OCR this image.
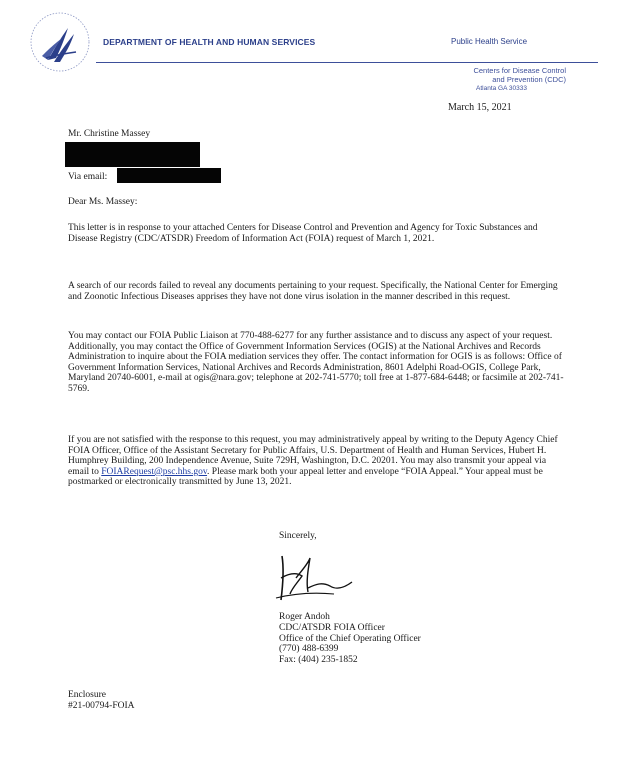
DEPARTMENT OF HEALTH AND HUMAN SERVICES	Public Health Service
Centers for Disease Control
and Prevention (CDC)
Atlanta GA 30333
March 15, 2021
Mr. Christine Massey
Via email:
Dear Ms. Massey:

This letter is in response to your attached Centers for Disease Control and Prevention and Agency for Toxic Substances and Disease Registry (CDC/ATSDR) Freedom of Information Act (FOIA) request of March 1, 2021.

A search of our records failed to reveal any documents pertaining to your request. Specifically, the National Center for Emerging and Zoonotic Infectious Diseases apprises they have not done virus isolation in the manner described in this request.

You may contact our FOIA Public Liaison at 770-488-6277 for any further assistance and to discuss any aspect of your request. Additionally, you may contact the Office of Government Information Services (OGIS) at the National Archives and Records Administration to inquire about the FOIA mediation services they offer. The contact information for OGIS is as follows: Office of Government Information Services, National Archives and Records Administration, 8601 Adelphi Road-OGIS, College Park, Maryland 20740-6001, e-mail at ogis@nara.gov; telephone at 202-741-5770; toll free at 1-877-684-6448; or facsimile at 202-741-5769.

If you are not satisfied with the response to this request, you may administratively appeal by writing to the Deputy Agency Chief FOIA Officer, Office of the Assistant Secretary for Public Affairs, U.S. Department of Health and Human Services, Hubert H. Humphrey Building, 200 Independence Avenue, Suite 729H, Washington, D.C. 20201. You may also transmit your appeal via email to FOIARequest@psc.hhs.gov. Please mark both your appeal letter and envelope “FOIA Appeal.” Your appeal must be postmarked or electronically transmitted by June 13, 2021.

Sincerely,
Roger Andoh
CDC/ATSDR FOIA Officer
Office of the Chief Operating Officer
(770) 488-6399
Fax: (404) 235-1852
Enclosure
#21-00794-FOIA
